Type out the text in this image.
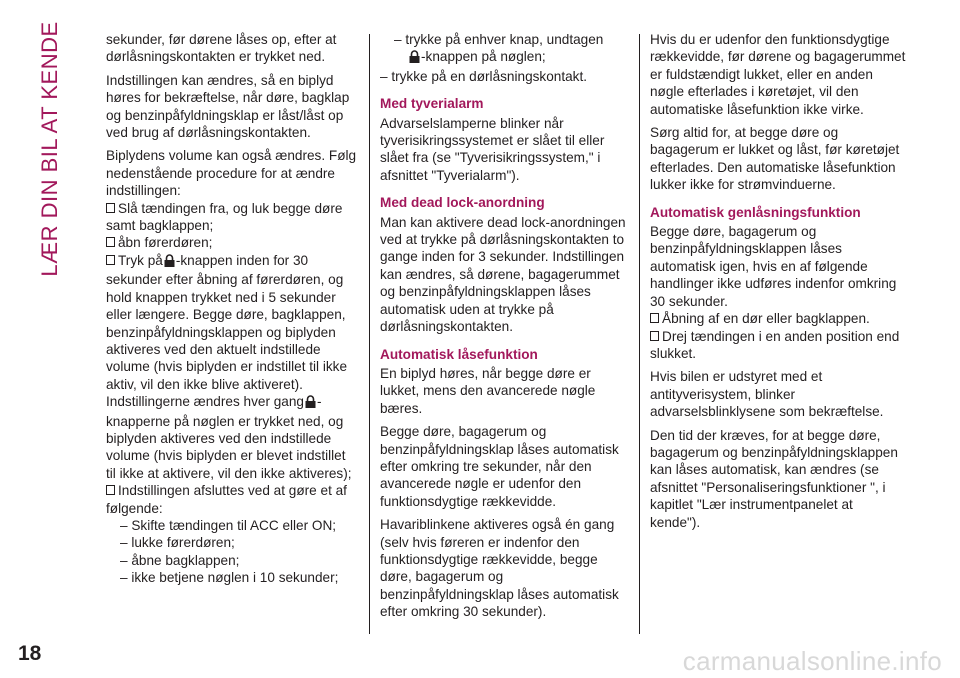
LÆR DIN BIL AT KENDE	sekunder, før dørene låses op, efter at dørlåsningskontakten er trykket ned.

Indstillingen kan ændres, så en biplyd høres for bekræftelse, når døre, bagklap og benzinpåfyldningsklap er låst/låst op ved brug af dørlåsningskontakten.

Biplydens volume kan også ændres. Følg nedenstående procedure for at ændre indstillingen:

Slå tændingen fra, og luk begge døre samt bagklappen;

åbn førerdøren;

Tryk på -knappen inden for 30 sekunder efter åbning af førerdøren, og hold knappen trykket ned i 5 sekunder eller længere. Begge døre, bagklappen, benzinpåfyldningsklappen og biplyden aktiveres ved den aktuelt indstillede volume (hvis biplyden er indstillet til ikke aktiv, vil den ikke blive aktiveret). Indstillingerne ændres hver gang -knapperne på nøglen er trykket ned, og biplyden aktiveres ved den indstillede volume (hvis biplyden er blevet indstillet til ikke at aktivere, vil den ikke aktiveres);

Indstillingen afsluttes ved at gøre et af følgende:

– Skifte tændingen til ACC eller ON;

– lukke førerdøren;

– åbne bagklappen;

– ikke betjene nøglen i 10 sekunder;

– trykke på enhver knap, undtagen
-knappen på nøglen;

– trykke på en dørlåsningskontakt.

Med tyverialarm

Advarselslamperne blinker når tyverisikringssystemet er slået til eller slået fra (se "Tyverisikringssystem," i afsnittet "Tyverialarm").

Med dead lock-anordning

Man kan aktivere dead lock-anordningen ved at trykke på dørlåsningskontakten to gange inden for 3 sekunder. Indstillingen kan ændres, så dørene, bagagerummet og benzinpåfyldningsklappen låses automatisk uden at trykke på dørlåsningskontakten.

Automatisk låsefunktion

En biplyd høres, når begge døre er lukket, mens den avancerede nøgle bæres.

Begge døre, bagagerum og benzinpåfyldningsklap låses automatisk efter omkring tre sekunder, når den avancerede nøgle er udenfor den funktionsdygtige rækkevidde.

Havariblinkene aktiveres også én gang (selv hvis føreren er indenfor den funktionsdygtige rækkevidde, begge døre, bagagerum og benzinpåfyldningsklap låses automatisk efter omkring 30 sekunder).

Hvis du er udenfor den funktionsdygtige rækkevidde, før dørene og bagagerummet er fuldstændigt lukket, eller en anden nøgle efterlades i køretøjet, vil den automatiske låsefunktion ikke virke.

Sørg altid for, at begge døre og bagagerum er lukket og låst, før køretøjet efterlades. Den automatiske låsefunktion lukker ikke for strømvinduerne.

Automatisk genlåsningsfunktion

Begge døre, bagagerum og benzinpåfyldningsklappen låses automatisk igen, hvis en af følgende handlinger ikke udføres indenfor omkring 30 sekunder.

Åbning af en dør eller bagklappen.

Drej tændingen i en anden position end slukket.

Hvis bilen er udstyret med et antityverisystem, blinker advarselsblinklysene som bekræftelse.

Den tid der kræves, for at begge døre, bagagerum og benzinpåfyldningsklappen kan låses automatisk, kan ændres (se afsnittet "Personaliseringsfunktioner ", i kapitlet "Lær instrumentpanelet at kende").

18	carmanualsonline.info
